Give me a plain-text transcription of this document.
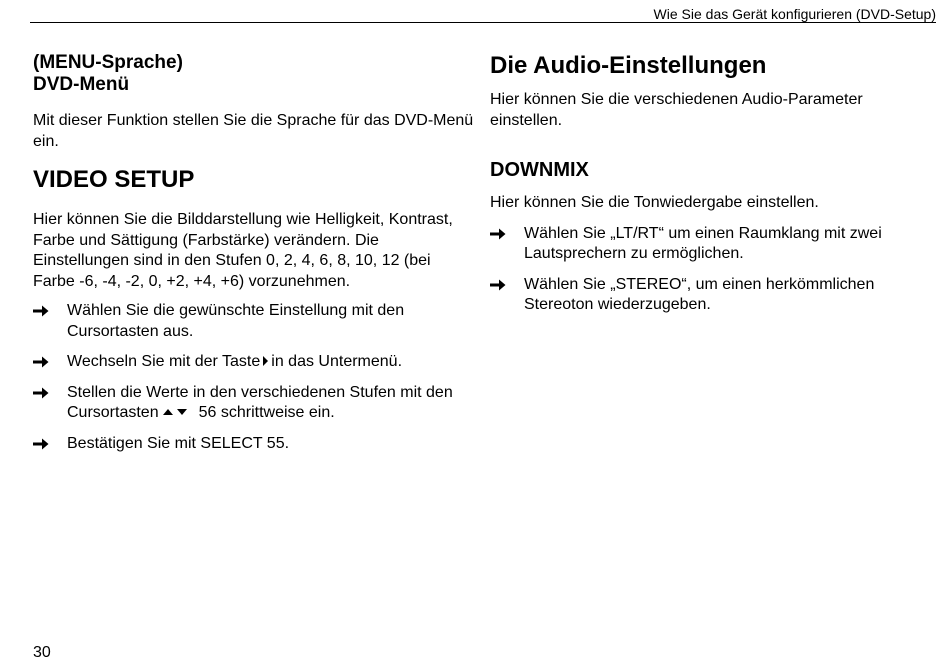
Wie Sie das Gerät konfigurieren (DVD-Setup)
(MENU-Sprache)
DVD-Menü

Mit dieser Funktion stellen Sie die Sprache für das DVD-Menü ein.

VIDEO SETUP

Hier können Sie die Bilddarstellung wie Helligkeit, Kontrast, Farbe und Sättigung (Farbstärke) verändern. Die Einstellungen sind in den Stufen 0, 2, 4, 6, 8, 10, 12 (bei Farbe -6, -4, -2, 0, +2, +4, +6) vorzunehmen.

Wählen Sie die gewünschte Einstellung mit den Cursortasten aus.
Wechseln Sie mit der Taste in das Untermenü.
Stellen die Werte in den verschiedenen Stufen mit den Cursortasten	56 schrittweise ein.
Bestätigen Sie mit SELECT 55.
Die Audio-Einstellungen

Hier können Sie die verschiedenen Audio-Parameter einstellen.

DOWNMIX

Hier können Sie die Tonwiedergabe einstellen.

Wählen Sie „LT/RT“ um einen Raumklang mit zwei Lautsprechern zu ermöglichen.
Wählen Sie „STEREO“, um einen herkömmlichen Stereoton wiederzugeben.
30
